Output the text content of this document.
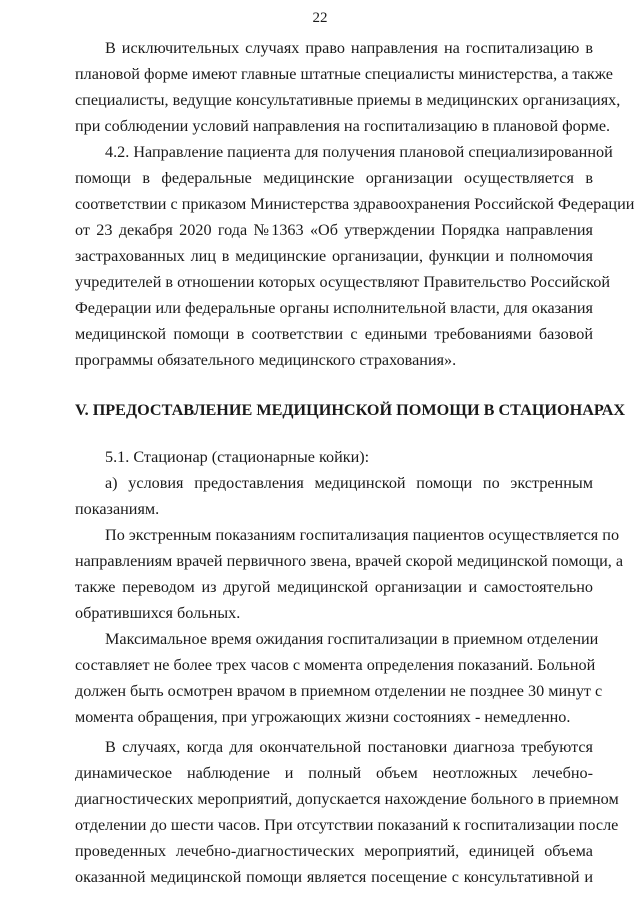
22
В исключительных случаях право направления на госпитализацию в
плановой форме имеют главные штатные специалисты министерства, а также
специалисты, ведущие консультативные приемы в медицинских организациях,
при соблюдении условий направления на госпитализацию в плановой форме.
4.2. Направление пациента для получения плановой специализированной
помощи в федеральные медицинские организации осуществляется в
соответствии с приказом Министерства здравоохранения Российской Федерации
от 23 декабря 2020 года №1363 «Об утверждении Порядка направления
застрахованных лиц в медицинские организации, функции и полномочия
учредителей в отношении которых осуществляют Правительство Российской
Федерации или федеральные органы исполнительной власти, для оказания
медицинской помощи в соответствии с едиными требованиями базовой
программы обязательного медицинского страхования».
V. ПРЕДОСТАВЛЕНИЕ МЕДИЦИНСКОЙ ПОМОЩИ В СТАЦИОНАРАХ
5.1. Стационар (стационарные койки):
а) условия предоставления медицинской помощи по экстренным
показаниям.
По экстренным показаниям госпитализация пациентов осуществляется по
направлениям врачей первичного звена, врачей скорой медицинской помощи, а
также переводом из другой медицинской организации и самостоятельно
обратившихся больных.
Максимальное время ожидания госпитализации в приемном отделении
составляет не более трех часов с момента определения показаний. Больной
должен быть осмотрен врачом в приемном отделении не позднее 30 минут с
момента обращения, при угрожающих жизни состояниях - немедленно.
В случаях, когда для окончательной постановки диагноза требуются
динамическое наблюдение и полный объем неотложных лечебно-
диагностических мероприятий, допускается нахождение больного в приемном
отделении до шести часов. При отсутствии показаний к госпитализации после
проведенных лечебно-диагностических мероприятий, единицей объема
оказанной медицинской помощи является посещение с консультативной и
